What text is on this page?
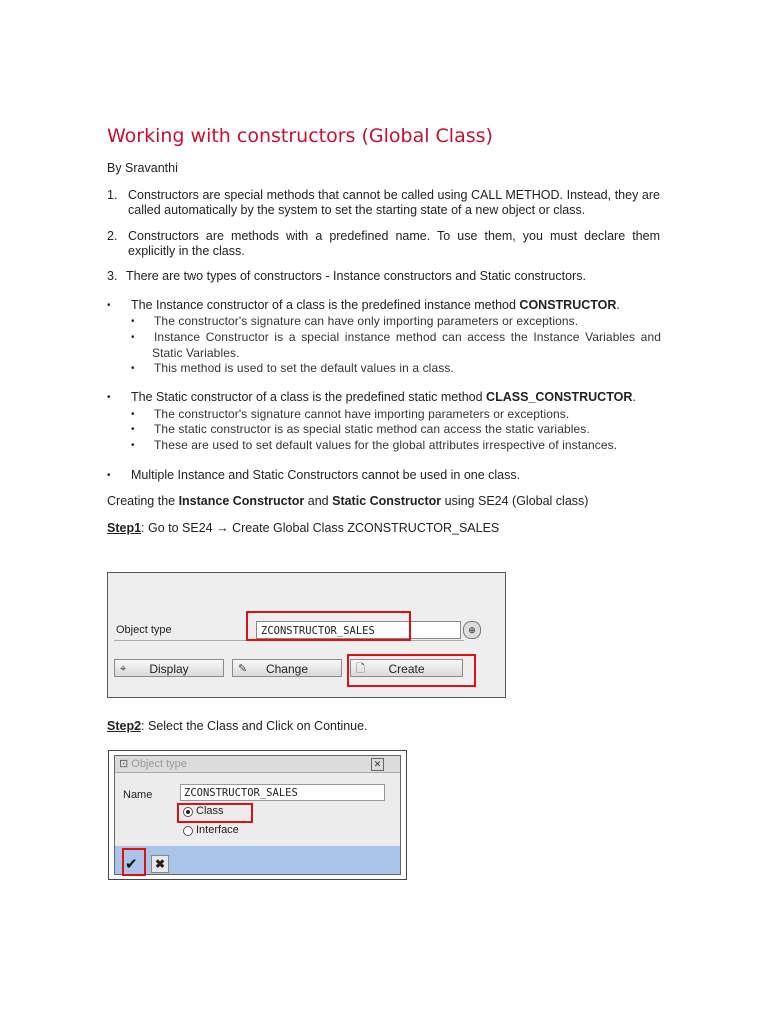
Working with constructors (Global Class)
By Sravanthi
1. Constructors are special methods that cannot be called using CALL METHOD. Instead, they are
called automatically by the system to set the starting state of a new object or class.
2. Constructors are methods with a predefined name. To use them, you must declare them
explicitly in the class.
3. There are two types of constructors - Instance constructors and Static constructors.
• The Instance constructor of a class is the predefined instance method CONSTRUCTOR.
• The constructor's signature can have only importing parameters or exceptions.
• Instance Constructor is a special instance method can access the Instance Variables and
Static Variables.
• This method is used to set the default values in a class.
• The Static constructor of a class is the predefined static method CLASS_CONSTRUCTOR.
• The constructor's signature cannot have importing parameters or exceptions.
• The static constructor is as special static method can access the static variables.
• These are used to set default values for the global attributes irrespective of instances.
• Multiple Instance and Static Constructors cannot be used in one class.
Creating the Instance Constructor and Static Constructor using SE24 (Global class)
Step1: Go to SE24 → Create Global Class ZCONSTRUCTOR_SALES
Object type	ZCONSTRUCTOR_SALES	⊕
⌖	Display	✎	Change	🗋	Create
Step2: Select the Class and Click on Continue.
⊡ Object type	✕
Name	ZCONSTRUCTOR_SALES
Class
Interface
✔	✖
